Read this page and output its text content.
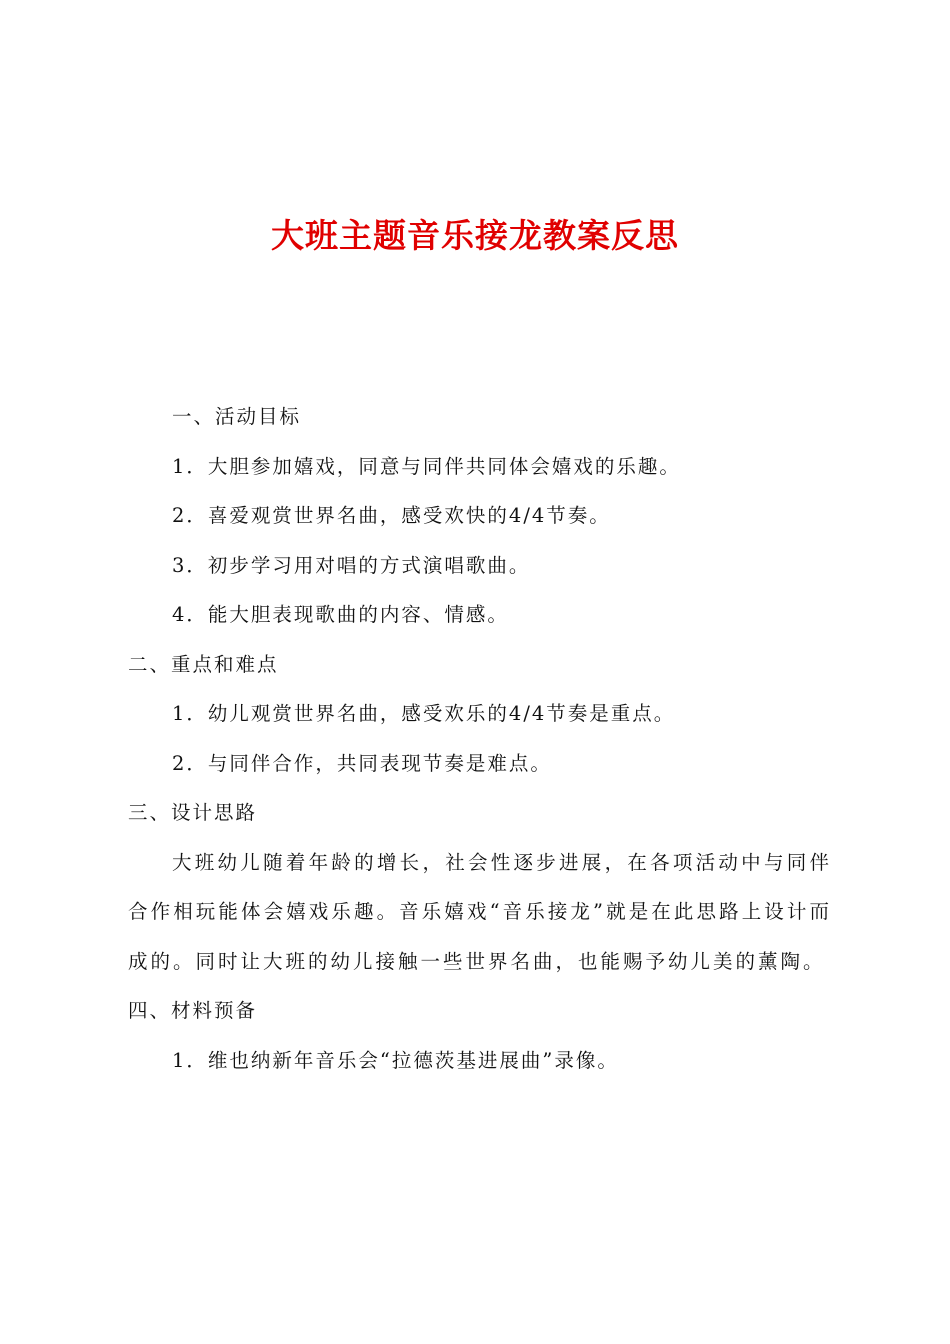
大班主题音乐接龙教案反思

一、活动目标

1．大胆参加嬉戏，同意与同伴共同体会嬉戏的乐趣。

2．喜爱观赏世界名曲，感受欢快的4/4节奏。

3．初步学习用对唱的方式演唱歌曲。

4．能大胆表现歌曲的内容、情感。

二、重点和难点

1．幼儿观赏世界名曲，感受欢乐的4/4节奏是重点。

2．与同伴合作，共同表现节奏是难点。

三、设计思路

大班幼儿随着年龄的增长，社会性逐步进展，在各项活动中与同伴合作相玩能体会嬉戏乐趣。音乐嬉戏“音乐接龙”就是在此思路上设计而成的。同时让大班的幼儿接触一些世界名曲，也能赐予幼儿美的薰陶。

四、材料预备

1．维也纳新年音乐会“拉德茨基进展曲”录像。
